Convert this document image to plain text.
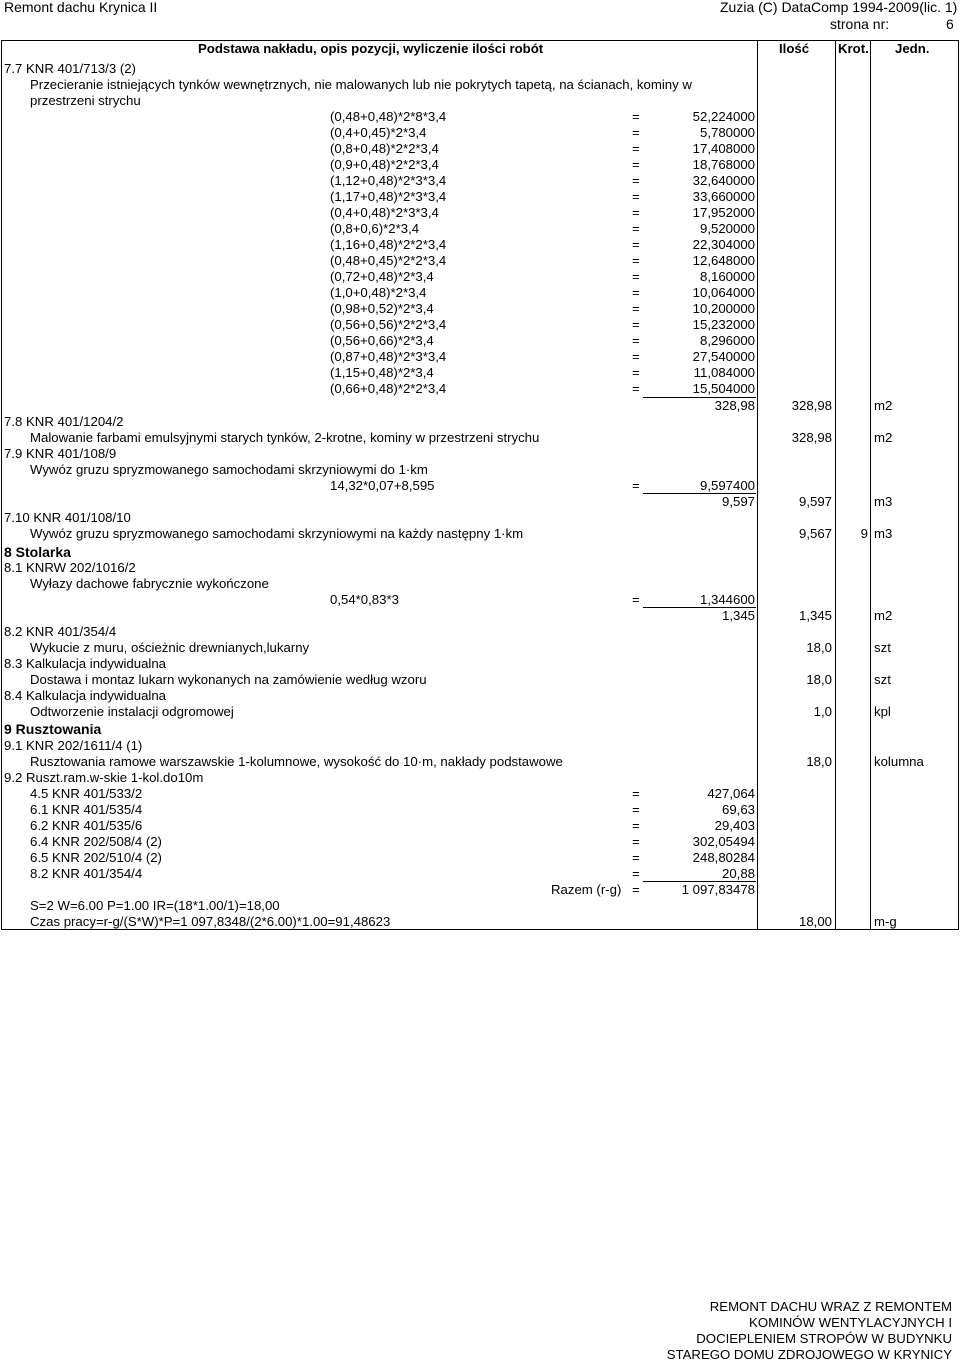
Remont dachu Krynica II	Zuzia (C) DataComp 1994-2009(lic. 1)
strona nr:	6
Podstawa nakładu, opis pozycji, wyliczenie ilości robót	Ilość Krot. Jedn.
7.7 KNR 401/713/3 (2)
Przecieranie istniejących tynków wewnętrznych, nie malowanych lub nie pokrytych tapetą, na ścianach, kominy w
przestrzeni strychu
(0,48+0,48)*2*8*3,4	=	52,224000
(0,4+0,45)*2*3,4	=	5,780000
(0,8+0,48)*2*2*3,4	=	17,408000
(0,9+0,48)*2*2*3,4	=	18,768000
(1,12+0,48)*2*3*3,4	=	32,640000
(1,17+0,48)*2*3*3,4	=	33,660000
(0,4+0,48)*2*3*3,4	=	17,952000
(0,8+0,6)*2*3,4	=	9,520000
(1,16+0,48)*2*2*3,4	=	22,304000
(0,48+0,45)*2*2*3,4	=	12,648000
(0,72+0,48)*2*3,4	=	8,160000
(1,0+0,48)*2*3,4	=	10,064000
(0,98+0,52)*2*3,4	=	10,200000
(0,56+0,56)*2*2*3,4	=	15,232000
(0,56+0,66)*2*3,4	=	8,296000
(0,87+0,48)*2*3*3,4	=	27,540000
(1,15+0,48)*2*3,4	=	11,084000
(0,66+0,48)*2*2*3,4	=	15,504000
328,98	328,98	m2
7.8 KNR 401/1204/2
Malowanie farbami emulsyjnymi starych tynków, 2-krotne, kominy w przestrzeni strychu	328,98	m2
7.9 KNR 401/108/9
Wywóz gruzu spryzmowanego samochodami skrzyniowymi do 1·km
14,32*0,07+8,595	=	9,597400
9,597	9,597	m3
7.10 KNR 401/108/10
Wywóz gruzu spryzmowanego samochodami skrzyniowymi na każdy następny 1·km	9,567	9 m3
8 Stolarka
8.1 KNRW 202/1016/2
Wyłazy dachowe fabrycznie wykończone
0,54*0,83*3	=	1,344600
1,345	1,345	m2
8.2 KNR 401/354/4
Wykucie z muru, ościeżnic drewnianych,lukarny	18,0	szt
8.3 Kalkulacja indywidualna
Dostawa i montaz lukarn wykonanych na zamówienie według wzoru	18,0	szt
8.4 Kalkulacja indywidualna
Odtworzenie instalacji odgromowej	1,0	kpl
9 Rusztowania
9.1 KNR 202/1611/4 (1)
Rusztowania ramowe warszawskie 1-kolumnowe, wysokość do 10·m, nakłady podstawowe	18,0	kolumna
9.2 Ruszt.ram.w-skie 1-kol.do10m
4.5 KNR 401/533/2	=	427,064
6.1 KNR 401/535/4	=	69,63
6.2 KNR 401/535/6	=	29,403
6.4 KNR 202/508/4 (2)	=	302,05494
6.5 KNR 202/510/4 (2)	=	248,80284
8.2 KNR 401/354/4	=	20,88
Razem (r-g) =	1 097,83478
S=2 W=6.00 P=1.00 IR=(18*1.00/1)=18,00
Czas pracy=r-g/(S*W)*P=1 097,8348/(2*6.00)*1.00=91,48623	18,00	m-g
REMONT DACHU WRAZ Z REMONTEM
KOMINÓW WENTYLACYJNYCH I
DOCIEPLENIEM STROPÓW W BUDYNKU
STAREGO DOMU ZDROJOWEGO W KRYNICY
